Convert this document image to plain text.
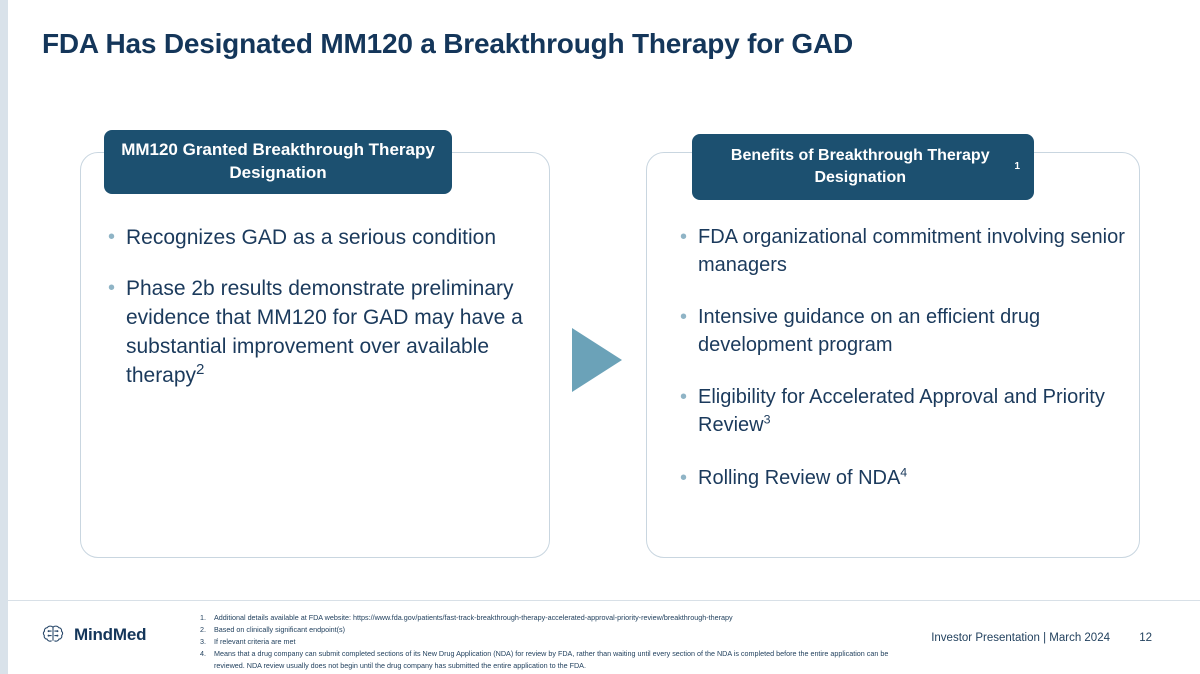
FDA Has Designated MM120 a Breakthrough Therapy for GAD
MM120 Granted Breakthrough Therapy Designation
• Recognizes GAD as a serious condition
• Phase 2b results demonstrate preliminary evidence that MM120 for GAD may have a substantial improvement over available therapy$^2$
Benefits of Breakthrough Therapy Designation
1
• FDA organizational commitment involving senior managers
• Intensive guidance on an efficient drug development program
• Eligibility for Accelerated Approval and Priority Review$^3$
• Rolling Review of NDA$^4$
MindMed
1.	Additional details available at FDA website: https://www.fda.gov/patients/fast-track-breakthrough-therapy-accelerated-approval-priority-review/breakthrough-therapy
2.	Based on clinically significant endpoint(s)
3.	If relevant criteria are met
4.	Means that a drug company can submit completed sections of its New Drug Application (NDA) for review by FDA, rather than waiting until every section of the NDA is completed before the entire application can be reviewed. NDA review usually does not begin until the drug company has submitted the entire application to the FDA.
Investor Presentation | March 2024	12
